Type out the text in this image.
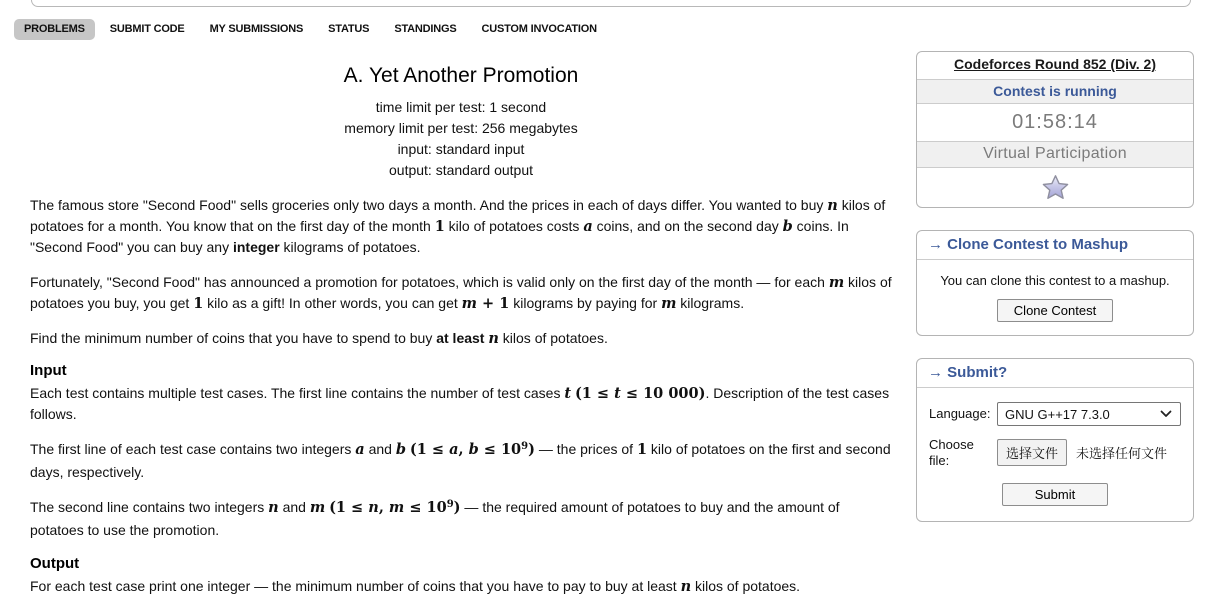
PROBLEMS	SUBMIT CODE	MY SUBMISSIONS	STATUS	STANDINGS	CUSTOM INVOCATION
A. Yet Another Promotion
time limit per test: 1 second
memory limit per test: 256 megabytes
input: standard input
output: standard output

The famous store "Second Food" sells groceries only two days a month. And the prices in each of days differ. You wanted to buy n kilos of potatoes for a month. You know that on the first day of the month 1 kilo of potatoes costs a coins, and on the second day b coins. In "Second Food" you can buy any integer kilograms of potatoes.

Fortunately, "Second Food" has announced a promotion for potatoes, which is valid only on the first day of the month — for each m kilos of potatoes you buy, you get 1 kilo as a gift! In other words, you can get m + 1 kilograms by paying for m kilograms.

Find the minimum number of coins that you have to spend to buy at least n kilos of potatoes.

Input

Each test contains multiple test cases. The first line contains the number of test cases t (1 ≤ t ≤ 10 000). Description of the test cases follows.

The first line of each test case contains two integers a and b (1 ≤ a, $b \le 10^9$) — the prices of 1 kilo of potatoes on the first and second days, respectively.

The second line contains two integers n and m (1 ≤ n, $m \le 10^9$) — the required amount of potatoes to buy and the amount of potatoes to use the promotion.

Output

For each test case print one integer — the minimum number of coins that you have to pay to buy at least n kilos of potatoes.

Codeforces Round 852 (Div. 2)
Contest is running
01:58:14
Virtual Participation
→ Clone Contest to Mashup
You can clone this contest to a mashup.
Clone Contest
→ Submit?
Language:	GNU G++17 7.3.0
Choose file:	选择文件	未选择任何文件
Submit
